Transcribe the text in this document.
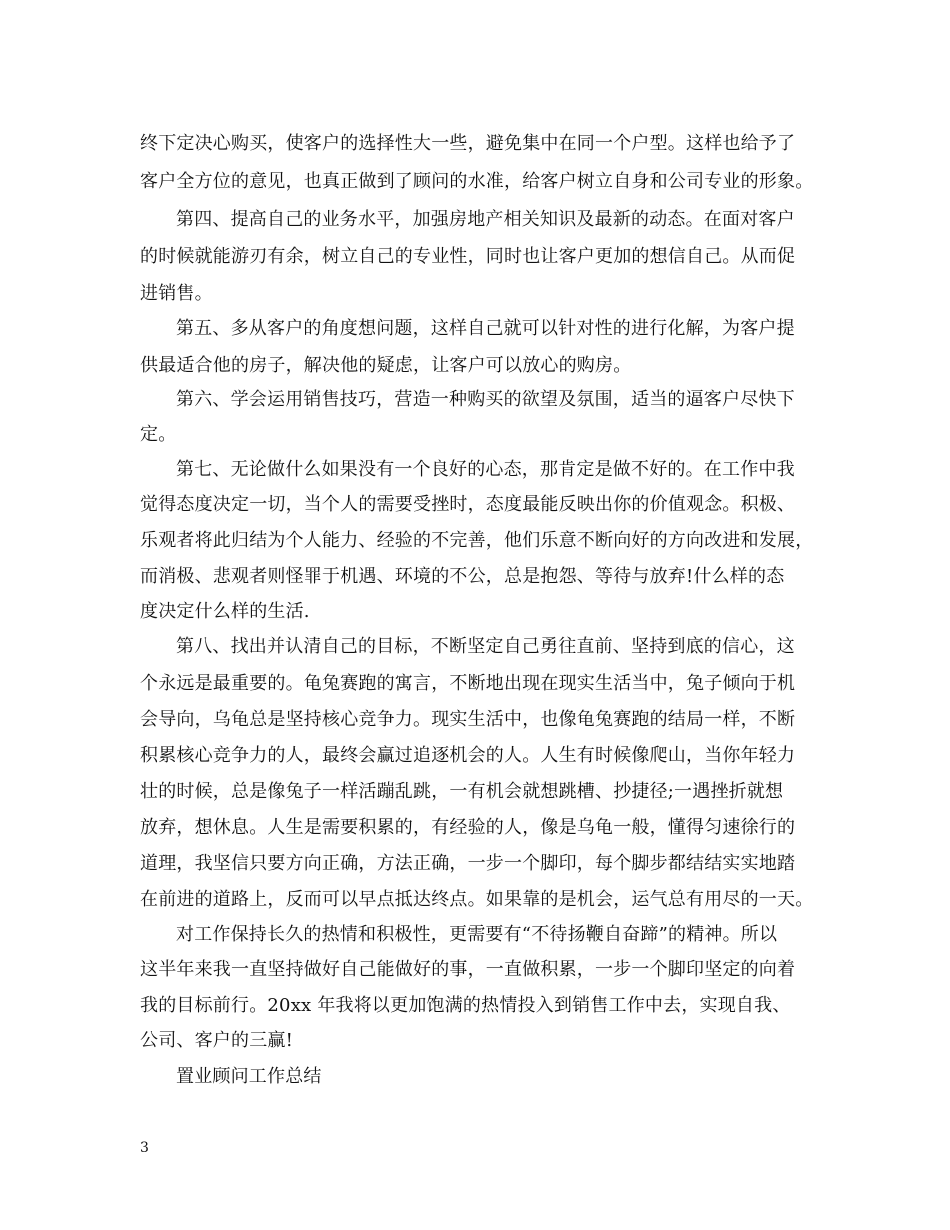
终下定决心购买，使客户的选择性大一些，避免集中在同一个户型。这样也给予了
客户全方位的意见，也真正做到了顾问的水准，给客户树立自身和公司专业的形象。
第四、提高自己的业务水平，加强房地产相关知识及最新的动态。在面对客户
的时候就能游刃有余，树立自己的专业性，同时也让客户更加的想信自己。从而促
进销售。
第五、多从客户的角度想问题，这样自己就可以针对性的进行化解，为客户提
供最适合他的房子，解决他的疑虑，让客户可以放心的购房。
第六、学会运用销售技巧，营造一种购买的欲望及氛围，适当的逼客户尽快下
定。
第七、无论做什么如果没有一个良好的心态，那肯定是做不好的。在工作中我
觉得态度决定一切，当个人的需要受挫时，态度最能反映出你的价值观念。积极、
乐观者将此归结为个人能力、经验的不完善，他们乐意不断向好的方向改进和发展，
而消极、悲观者则怪罪于机遇、环境的不公，总是抱怨、等待与放弃!什么样的态
度决定什么样的生活.
第八、找出并认清自己的目标，不断坚定自己勇往直前、坚持到底的信心，这
个永远是最重要的。龟兔赛跑的寓言，不断地出现在现实生活当中，兔子倾向于机
会导向，乌龟总是坚持核心竞争力。现实生活中，也像龟兔赛跑的结局一样，不断
积累核心竞争力的人，最终会赢过追逐机会的人。人生有时候像爬山，当你年轻力
壮的时候，总是像兔子一样活蹦乱跳，一有机会就想跳槽、抄捷径;一遇挫折就想
放弃，想休息。人生是需要积累的，有经验的人，像是乌龟一般，懂得匀速徐行的
道理，我坚信只要方向正确，方法正确，一步一个脚印，每个脚步都结结实实地踏
在前进的道路上，反而可以早点抵达终点。如果靠的是机会，运气总有用尽的一天。
对工作保持长久的热情和积极性，更需要有“不待扬鞭自奋蹄”的精神。所以
这半年来我一直坚持做好自己能做好的事，一直做积累，一步一个脚印坚定的向着
我的目标前行。20xx 年我将以更加饱满的热情投入到销售工作中去，实现自我、
公司、客户的三赢!
置业顾问工作总结
3
